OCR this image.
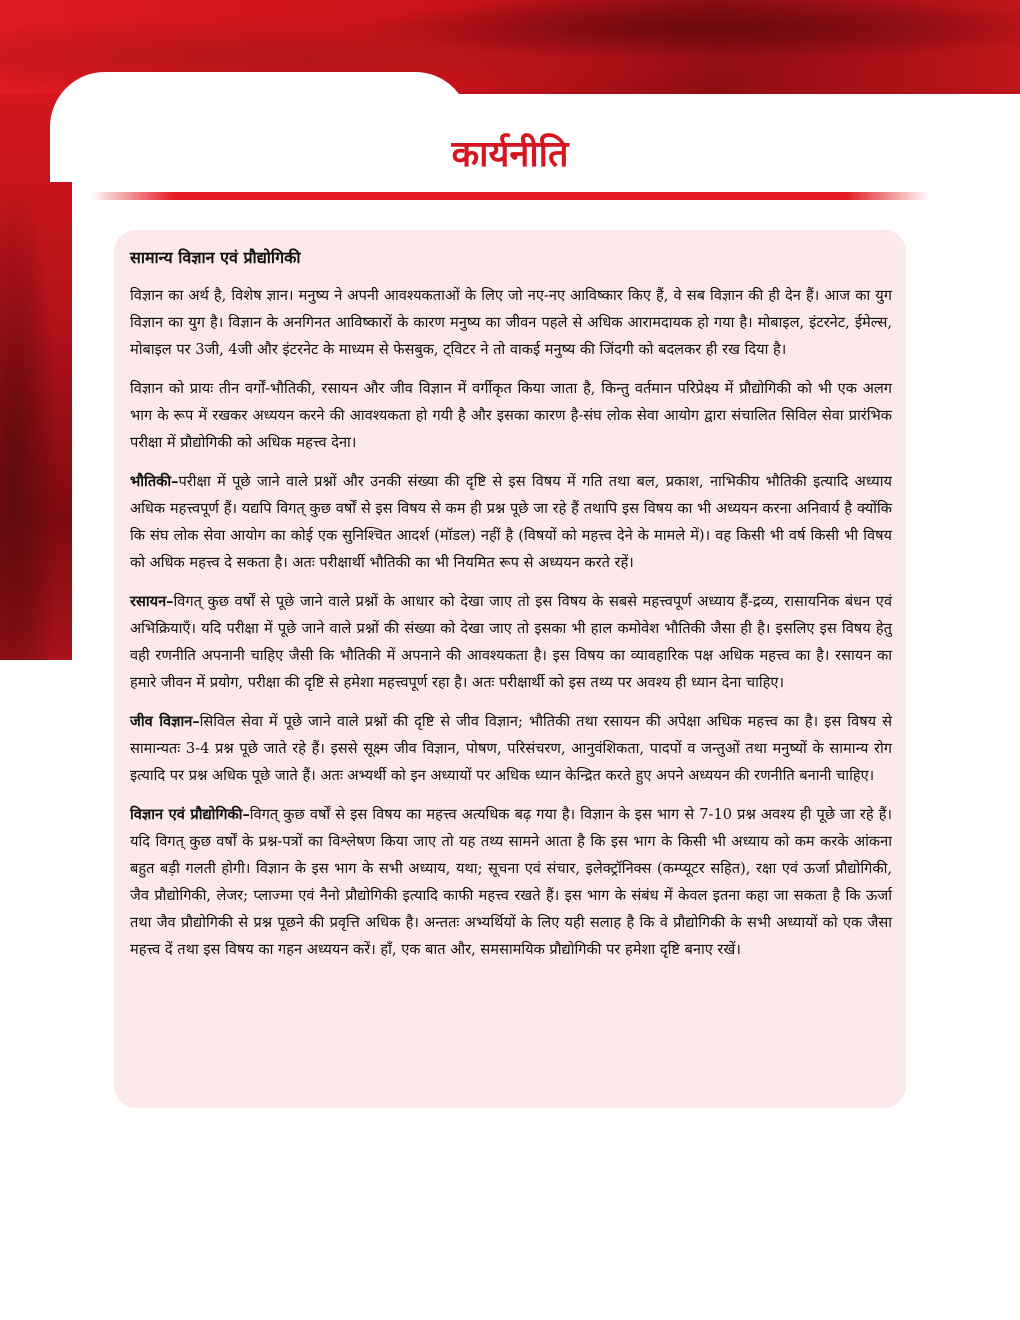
कार्यनीति
सामान्य विज्ञान एवं प्रौद्योगिकी

विज्ञान का अर्थ है, विशेष ज्ञान। मनुष्य ने अपनी आवश्यकताओं के लिए जो नए-नए आविष्कार किए हैं, वे सब विज्ञान की ही देन हैं। आज का युग विज्ञान का युग है। विज्ञान के अनगिनत आविष्कारों के कारण मनुष्य का जीवन पहले से अधिक आरामदायक हो गया है। मोबाइल, इंटरनेट, ईमेल्स, मोबाइल पर 3जी, 4जी और इंटरनेट के माध्यम से फेसबुक, ट्विटर ने तो वाकई मनुष्य की जिंदगी को बदलकर ही रख दिया है।

विज्ञान को प्रायः तीन वर्गों-भौतिकी, रसायन और जीव विज्ञान में वर्गीकृत किया जाता है, किन्तु वर्तमान परिप्रेक्ष्य में प्रौद्योगिकी को भी एक अलग भाग के रूप में रखकर अध्ययन करने की आवश्यकता हो गयी है और इसका कारण है-संघ लोक सेवा आयोग द्वारा संचालित सिविल सेवा प्रारंभिक परीक्षा में प्रौद्योगिकी को अधिक महत्त्व देना।

भौतिकी–परीक्षा में पूछे जाने वाले प्रश्नों और उनकी संख्या की दृष्टि से इस विषय में गति तथा बल, प्रकाश, नाभिकीय भौतिकी इत्यादि अध्याय अधिक महत्त्वपूर्ण हैं। यद्यपि विगत् कुछ वर्षों से इस विषय से कम ही प्रश्न पूछे जा रहे हैं तथापि इस विषय का भी अध्ययन करना अनिवार्य है क्योंकि कि संघ लोक सेवा आयोग का कोई एक सुनिश्चित आदर्श (मॉडल) नहीं है (विषयों को महत्त्व देने के मामले में)। वह किसी भी वर्ष किसी भी विषय को अधिक महत्त्व दे सकता है। अतः परीक्षार्थी भौतिकी का भी नियमित रूप से अध्ययन करते रहें।

रसायन–विगत् कुछ वर्षों से पूछे जाने वाले प्रश्नों के आधार को देखा जाए तो इस विषय के सबसे महत्त्वपूर्ण अध्याय हैं-द्रव्य, रासायनिक बंधन एवं अभिक्रियाएँ। यदि परीक्षा में पूछे जाने वाले प्रश्नों की संख्या को देखा जाए तो इसका भी हाल कमोवेश भौतिकी जैसा ही है। इसलिए इस विषय हेतु वही रणनीति अपनानी चाहिए जैसी कि भौतिकी में अपनाने की आवश्यकता है। इस विषय का व्यावहारिक पक्ष अधिक महत्त्व का है। रसायन का हमारे जीवन में प्रयोग, परीक्षा की दृष्टि से हमेशा महत्त्वपूर्ण रहा है। अतः परीक्षार्थी को इस तथ्य पर अवश्य ही ध्यान देना चाहिए।

जीव विज्ञान–सिविल सेवा में पूछे जाने वाले प्रश्नों की दृष्टि से जीव विज्ञान; भौतिकी तथा रसायन की अपेक्षा अधिक महत्त्व का है। इस विषय से सामान्यतः 3-4 प्रश्न पूछे जाते रहे हैं। इससे सूक्ष्म जीव विज्ञान, पोषण, परिसंचरण, आनुवंशिकता, पादपों व जन्तुओं तथा मनुष्यों के सामान्य रोग इत्यादि पर प्रश्न अधिक पूछे जाते हैं। अतः अभ्यर्थी को इन अध्यायों पर अधिक ध्यान केन्द्रित करते हुए अपने अध्ययन की रणनीति बनानी चाहिए।

विज्ञान एवं प्रौद्योगिकी–विगत् कुछ वर्षों से इस विषय का महत्त्व अत्यधिक बढ़ गया है। विज्ञान के इस भाग से 7-10 प्रश्न अवश्य ही पूछे जा रहे हैं। यदि विगत् कुछ वर्षों के प्रश्न-पत्रों का विश्लेषण किया जाए तो यह तथ्य सामने आता है कि इस भाग के किसी भी अध्याय को कम करके आंकना बहुत बड़ी गलती होगी। विज्ञान के इस भाग के सभी अध्याय, यथा; सूचना एवं संचार, इलेक्ट्रॉनिक्स (कम्प्यूटर सहित), रक्षा एवं ऊर्जा प्रौद्योगिकी, जैव प्रौद्योगिकी, लेजर; प्लाज्मा एवं नैनो प्रौद्योगिकी इत्यादि काफी महत्त्व रखते हैं। इस भाग के संबंध में केवल इतना कहा जा सकता है कि ऊर्जा तथा जैव प्रौद्योगिकी से प्रश्न पूछने की प्रवृत्ति अधिक है। अन्ततः अभ्यर्थियों के लिए यही सलाह है कि वे प्रौद्योगिकी के सभी अध्यायों को एक जैसा महत्त्व दें तथा इस विषय का गहन अध्ययन करें। हाँ, एक बात और, समसामयिक प्रौद्योगिकी पर हमेशा दृष्टि बनाए रखें।
